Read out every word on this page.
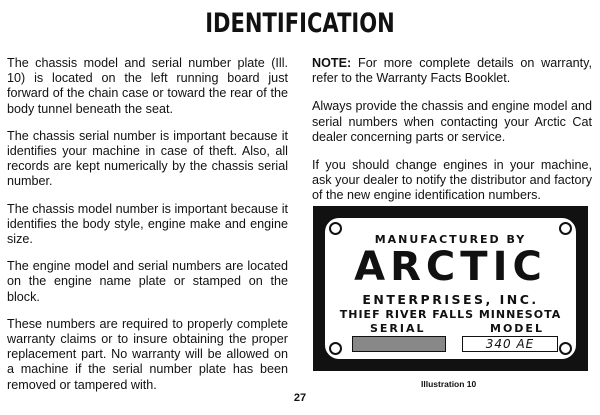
IDENTIFICATION

The chassis model and serial number plate (Ill. 10) is located on the left running board just forward of the chain case or toward the rear of the body tunnel beneath the seat.

The chassis serial number is important because it identifies your machine in case of theft. Also, all records are kept numerically by the chassis serial number.

The chassis model number is important because it identifies the body style, engine make and engine size.

The engine model and serial numbers are located on the engine name plate or stamped on the block.

These numbers are required to properly complete warranty claims or to insure obtaining the proper replacement part. No warranty will be allowed on a machine if the serial number plate has been removed or tampered with.

NOTE: For more complete details on warranty, refer to the Warranty Facts Booklet.

Always provide the chassis and engine model and serial numbers when contacting your Arctic Cat dealer concerning parts or service.

If you should change engines in your machine, ask your dealer to notify the distributor and factory of the new engine identification numbers.

MANUFACTURED BY
ARCTIC
ENTERPRISES, INC.
THIEF RIVER FALLS MINNESOTA
SERIAL	MODEL
340 AE
Illustration 10
27
